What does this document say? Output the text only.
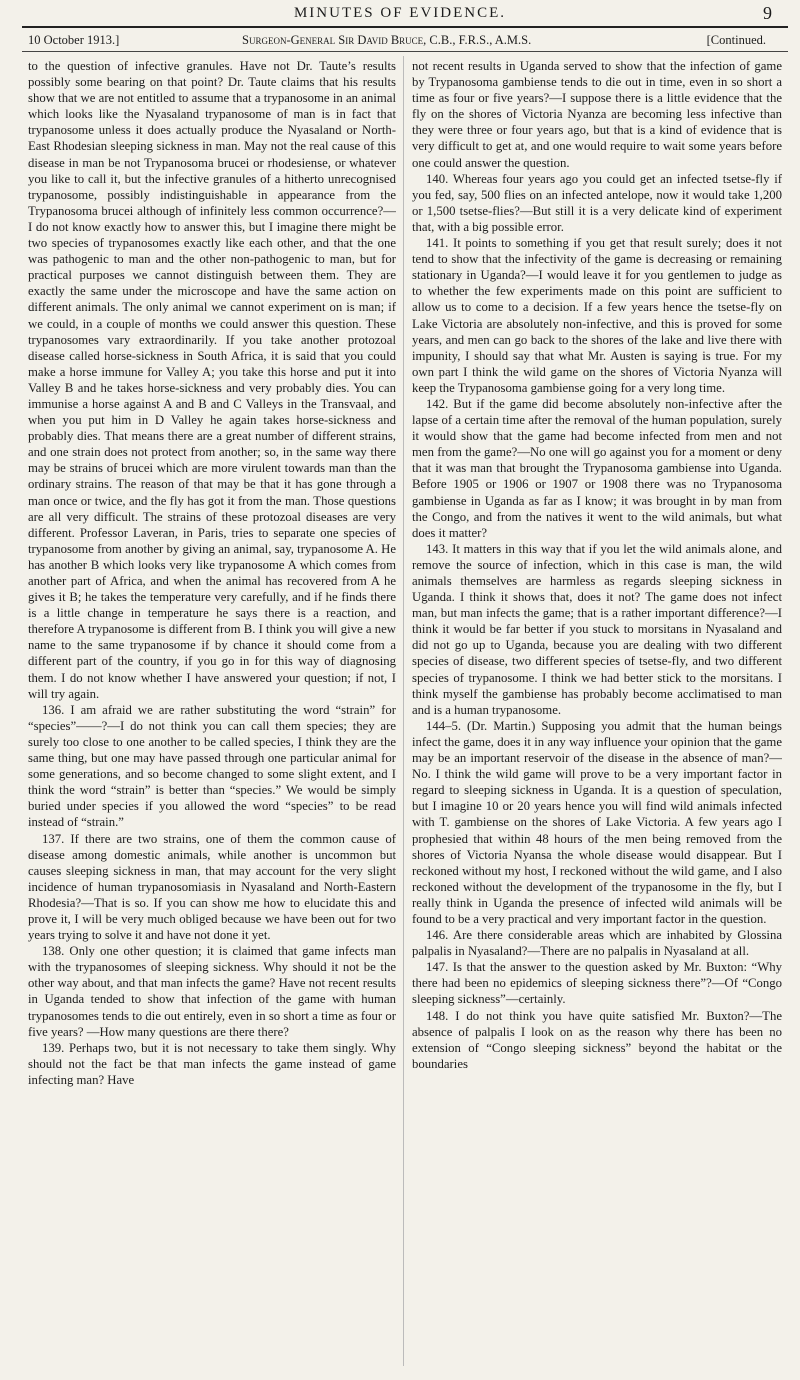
MINUTES OF EVIDENCE.	9
10 October 1913.]	Surgeon-General Sir David Bruce, C.B., F.R.S., A.M.S.	[Continued.

to the question of infective granules. Have not Dr. Taute’s results possibly some bearing on that point? Dr. Taute claims that his results show that we are not entitled to assume that a trypanosome in an animal which looks like the Nyasaland trypanosome of man is in fact that trypanosome unless it does actually produce the Nyasaland or North-East Rhodesian sleeping sickness in man. May not the real cause of this disease in man be not Trypanosoma brucei or rhodesiense, or whatever you like to call it, but the infective granules of a hitherto unrecognised trypanosome, possibly indistinguishable in appearance from the Trypanosoma brucei although of infinitely less common occurrence?—I do not know exactly how to answer this, but I imagine there might be two species of trypanosomes exactly like each other, and that the one was pathogenic to man and the other non-pathogenic to man, but for practical purposes we cannot distinguish between them. They are exactly the same under the microscope and have the same action on different animals. The only animal we cannot experiment on is man; if we could, in a couple of months we could answer this question. These trypanosomes vary extraordinarily. If you take another protozoal disease called horse-sickness in South Africa, it is said that you could make a horse immune for Valley A; you take this horse and put it into Valley B and he takes horse-sickness and very probably dies. You can immunise a horse against A and B and C Valleys in the Transvaal, and when you put him in D Valley he again takes horse-sickness and probably dies. That means there are a great number of different strains, and one strain does not protect from another; so, in the same way there may be strains of brucei which are more virulent towards man than the ordinary strains. The reason of that may be that it has gone through a man once or twice, and the fly has got it from the man. Those questions are all very difficult. The strains of these protozoal diseases are very different. Professor Laveran, in Paris, tries to separate one species of trypanosome from another by giving an animal, say, trypanosome A. He has another B which looks very like trypanosome A which comes from another part of Africa, and when the animal has recovered from A he gives it B; he takes the temperature very carefully, and if he finds there is a little change in temperature he says there is a reaction, and therefore A trypanosome is different from B. I think you will give a new name to the same trypanosome if by chance it should come from a different part of the country, if you go in for this way of diagnosing them. I do not know whether I have answered your question; if not, I will try again.

136. I am afraid we are rather substituting the word “strain” for “species”——?—I do not think you can call them species; they are surely too close to one another to be called species, I think they are the same thing, but one may have passed through one particular animal for some generations, and so become changed to some slight extent, and I think the word “strain” is better than “species.” We would be simply buried under species if you allowed the word “species” to be read instead of “strain.”

137. If there are two strains, one of them the common cause of disease among domestic animals, while another is uncommon but causes sleeping sickness in man, that may account for the very slight incidence of human trypanosomiasis in Nyasaland and North-Eastern Rhodesia?—That is so. If you can show me how to elucidate this and prove it, I will be very much obliged because we have been out for two years trying to solve it and have not done it yet.

138. Only one other question; it is claimed that game infects man with the trypanosomes of sleeping sickness. Why should it not be the other way about, and that man infects the game? Have not recent results in Uganda tended to show that infection of the game with human trypanosomes tends to die out entirely, even in so short a time as four or five years? —How many questions are there there?

139. Perhaps two, but it is not necessary to take them singly. Why should not the fact be that man infects the game instead of game infecting man? Have

not recent results in Uganda served to show that the infection of game by Trypanosoma gambiense tends to die out in time, even in so short a time as four or five years?—I suppose there is a little evidence that the fly on the shores of Victoria Nyanza are becoming less infective than they were three or four years ago, but that is a kind of evidence that is very difficult to get at, and one would require to wait some years before one could answer the question.

140. Whereas four years ago you could get an infected tsetse-fly if you fed, say, 500 flies on an infected antelope, now it would take 1,200 or 1,500 tsetse-flies?—But still it is a very delicate kind of experiment that, with a big possible error.

141. It points to something if you get that result surely; does it not tend to show that the infectivity of the game is decreasing or remaining stationary in Uganda?—I would leave it for you gentlemen to judge as to whether the few experiments made on this point are sufficient to allow us to come to a decision. If a few years hence the tsetse-fly on Lake Victoria are absolutely non-infective, and this is proved for some years, and men can go back to the shores of the lake and live there with impunity, I should say that what Mr. Austen is saying is true. For my own part I think the wild game on the shores of Victoria Nyanza will keep the Trypanosoma gambiense going for a very long time.

142. But if the game did become absolutely non-infective after the lapse of a certain time after the removal of the human population, surely it would show that the game had become infected from men and not men from the game?—No one will go against you for a moment or deny that it was man that brought the Trypanosoma gambiense into Uganda. Before 1905 or 1906 or 1907 or 1908 there was no Trypanosoma gambiense in Uganda as far as I know; it was brought in by man from the Congo, and from the natives it went to the wild animals, but what does it matter?

143. It matters in this way that if you let the wild animals alone, and remove the source of infection, which in this case is man, the wild animals themselves are harmless as regards sleeping sickness in Uganda. I think it shows that, does it not? The game does not infect man, but man infects the game; that is a rather important difference?—I think it would be far better if you stuck to morsitans in Nyasaland and did not go up to Uganda, because you are dealing with two different species of disease, two different species of tsetse-fly, and two different species of trypanosome. I think we had better stick to the morsitans. I think myself the gambiense has probably become acclimatised to man and is a human trypanosome.

144–5. (Dr. Martin.) Supposing you admit that the human beings infect the game, does it in any way influence your opinion that the game may be an important reservoir of the disease in the absence of man?—No. I think the wild game will prove to be a very important factor in regard to sleeping sickness in Uganda. It is a question of speculation, but I imagine 10 or 20 years hence you will find wild animals infected with T. gambiense on the shores of Lake Victoria. A few years ago I prophesied that within 48 hours of the men being removed from the shores of Victoria Nyansa the whole disease would disappear. But I reckoned without my host, I reckoned without the wild game, and I also reckoned without the development of the trypanosome in the fly, but I really think in Uganda the presence of infected wild animals will be found to be a very practical and very important factor in the question.

146. Are there considerable areas which are inhabited by Glossina palpalis in Nyasaland?—There are no palpalis in Nyasaland at all.

147. Is that the answer to the question asked by Mr. Buxton: “Why there had been no epidemics of sleeping sickness there”?—Of “Congo sleeping sickness”—certainly.

148. I do not think you have quite satisfied Mr. Buxton?—The absence of palpalis I look on as the reason why there has been no extension of “Congo sleeping sickness” beyond the habitat or the boundaries
